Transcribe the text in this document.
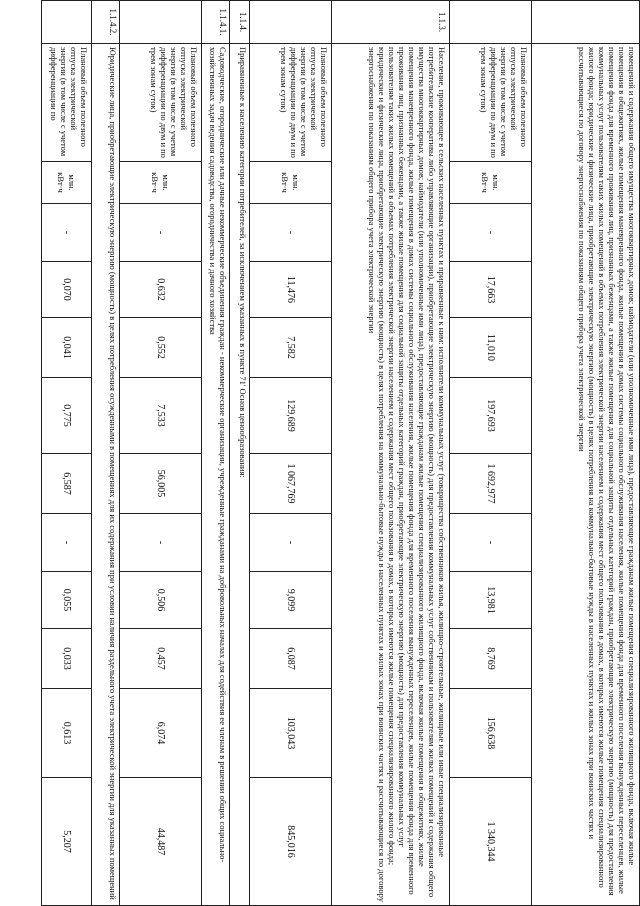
	помещений и содержания общего имущества многоквартирных домов; наймодатели (или уполномоченные ими лица), предоставляющие гражданам жилые помещения специализированного жилищного фонда, включая жилые помещения в общежитиях, жилые помещения маневренного фонда, жилые помещения в домах системы социального обслуживания населения, жилые помещения фонда для временного поселения вынужденных переселенцев, жилые помещения фонда для временного проживания лиц, признанных беженцами, а также жилые помещения для социальной защиты отдельных категорий граждан, приобретающие электрическую энергию (мощность) для предоставления коммунальных услуг пользователям таких жилых помещений в объемах потребления электрической энергии населением и содержания мест общего пользования в домах, в которых имеются жилые помещения специализированного жилого фонда; юридические и физические лица, приобретающие электрическую энергию (мощность) в целях потребления на коммунально-бытовые нужды в населенных пунктах и жилых зонах при воинских частях и рассчитывающиеся по договору энергоснабжения по показаниям общего прибора учета электрической энергии											
	Плановый объем полезного отпуска электрической энергии (в том числе с учетом дифференциации по двум и по трем зонам суток)	млн. кВт·ч	-	17,663	11,010	197,693	1 692,977	-	13,981	8,769	156,638	1 340,344
1.1.3.	Население, проживающее в сельских населенных пунктах и приравненные к ним: исполнители коммунальных услуг (товарищества собственников жилья, жилищно-строительные, жилищные или иные специализированные потребительские кооперативы либо управляющие организации), приобретающие электрическую энергию (мощность) для предоставления коммунальных услуг собственникам и пользователям жилых помещений и содержания общего имущества многоквартирных домов; наймодатели (или уполномоченные ими лица), предоставляющие гражданам жилые помещения специализированного жилищного фонда, включая жилые помещения в общежитиях, жилые помещения маневренного фонда, жилые помещения в домах системы социального обслуживания населения, жилые помещения фонда для временного поселения вынужденных переселенцев, жилые помещения фонда для временного проживания лиц, признанных беженцами, а также жилые помещения для социальной защиты отдельных категорий граждан, приобретающие электрическую энергию (мощность) для предоставления коммунальных услуг пользователям таких жилых помещений в объемах потребления электрической энергии населением и содержания мест общего пользования в домах, в которых имеются жилые помещения специализированного жилого фонда; юридические и физические лица, приобретающие электрическую энергию (мощность) в целях потребления на коммунально-бытовые нужды в населенных пунктах и жилых зонах при воинских частях и рассчитывающиеся по договору энергоснабжения по показаниям общего прибора учета электрической энергии											
	Плановый объем полезного отпуска электрической энергии (в том числе с учетом дифференциации по двум и по трем зонам суток)	млн. кВт·ч	-	11,476	7,582	129,689	1 067,769	-	9,099	6,087	103,043	845,016
1.1.4.	Приравненные к населению категории потребителей, за исключением указанных в пункте 71' Основ ценообразования:											
1.1.4.1.	Садоводческие, огороднические или дачные некоммерческие объединения граждан - некоммерческие организации, учрежденные гражданами на добровольных началах для содействия ее членам в решении общих социально-хозяйственных задач ведения садоводства, огородничества и дачного хозяйства											
	Плановый объем полезного отпуска электрической энергии (в том числе с учетом дифференциации по двум и по трем зонам суток)	млн. кВт·ч	-	0,632	0,552	7,533	56,005	-	0,506	0,457	6,074	44,487
1.1.4.2.	Юридические лица, приобретающие электрическую энергию (мощность) в целях потребления осужденными в помещениях для их содержания при условии наличия раздельного учета электрической энергии для указанных помещений											
	Плановый объем полезного отпуска электрической энергии (в том числе с учетом дифференциации по	млн. кВт·ч	-	0,070	0,041	0,775	6,587	-	0,055	0,033	0,613	5,207
